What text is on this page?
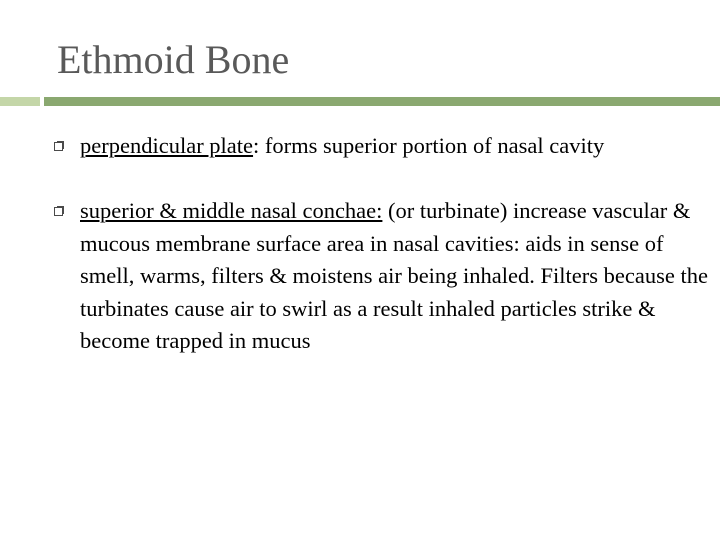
Ethmoid Bone
perpendicular plate: forms superior portion of nasal cavity
superior & middle nasal conchae: (or turbinate) increase vascular & mucous membrane surface area in nasal cavities: aids in sense of smell, warms, filters & moistens air being inhaled. Filters because the turbinates cause air to swirl as a result inhaled particles strike & become trapped in mucus
